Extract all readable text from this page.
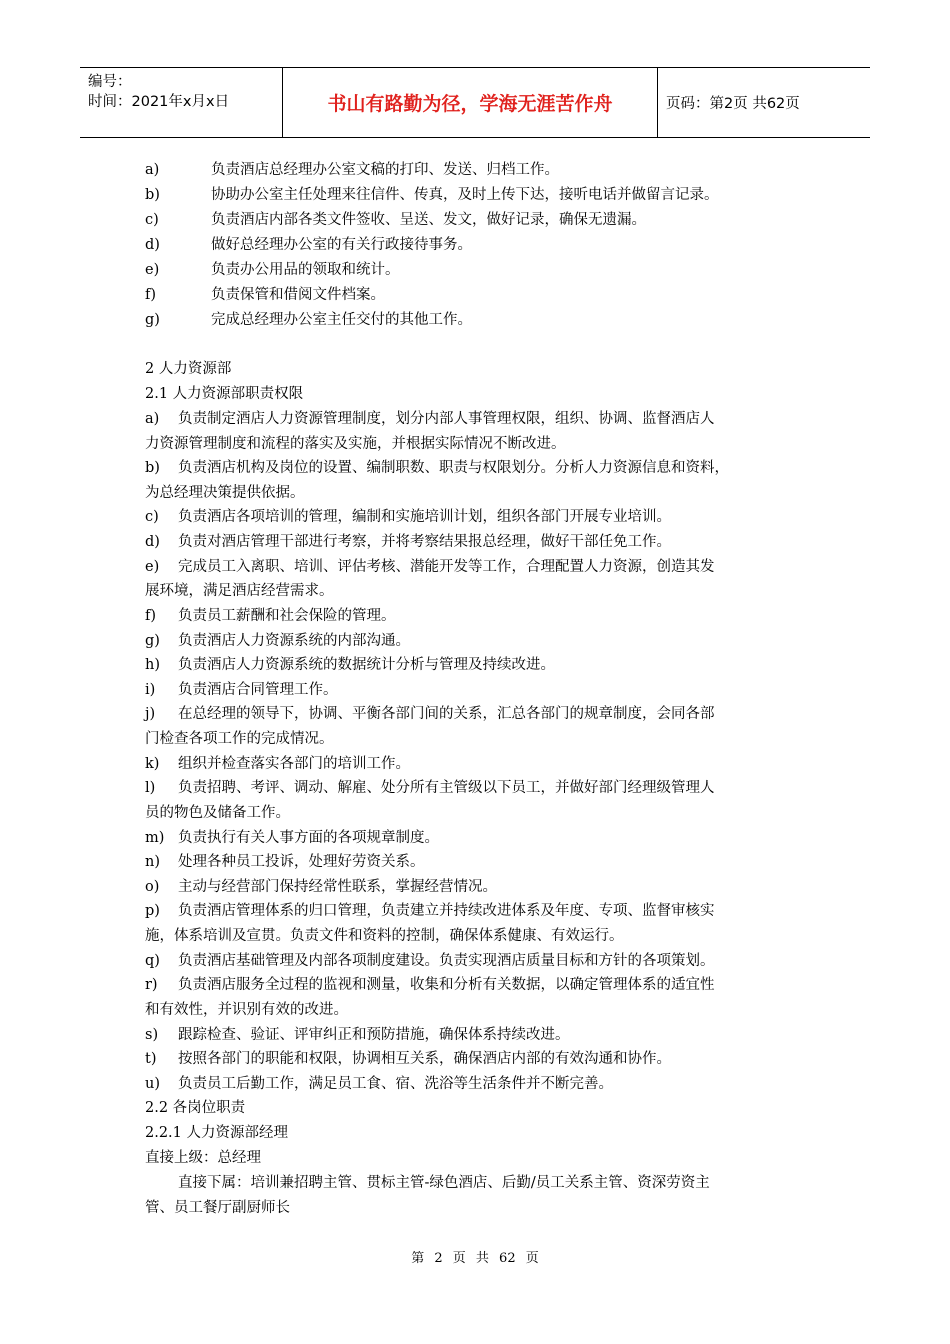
编号：
时间：2021年x月x日	书山有路勤为径，学海无涯苦作舟	页码：第2页 共62页
a)	负责酒店总经理办公室文稿的打印、发送、归档工作。
b)	协助办公室主任处理来往信件、传真，及时上传下达，接听电话并做留言记录。
c)	负责酒店内部各类文件签收、呈送、发文，做好记录，确保无遗漏。
d)	做好总经理办公室的有关行政接待事务。
e)	负责办公用品的领取和统计。
f)	负责保管和借阅文件档案。
g)	完成总经理办公室主任交付的其他工作。
2 人力资源部
2.1 人力资源部职责权限
a) 负责制定酒店人力资源管理制度，划分内部人事管理权限，组织、协调、监督酒店人
力资源管理制度和流程的落实及实施，并根据实际情况不断改进。
b) 负责酒店机构及岗位的设置、编制职数、职责与权限划分。分析人力资源信息和资料，
为总经理决策提供依据。
c) 负责酒店各项培训的管理，编制和实施培训计划，组织各部门开展专业培训。
d) 负责对酒店管理干部进行考察，并将考察结果报总经理，做好干部任免工作。
e) 完成员工入离职、培训、评估考核、潜能开发等工作，合理配置人力资源，创造其发
展环境，满足酒店经营需求。
f) 负责员工薪酬和社会保险的管理。
g) 负责酒店人力资源系统的内部沟通。
h) 负责酒店人力资源系统的数据统计分析与管理及持续改进。
i) 负责酒店合同管理工作。
j) 在总经理的领导下，协调、平衡各部门间的关系，汇总各部门的规章制度，会同各部
门检查各项工作的完成情况。
k) 组织并检查落实各部门的培训工作。
l) 负责招聘、考评、调动、解雇、处分所有主管级以下员工，并做好部门经理级管理人
员的物色及储备工作。
m) 负责执行有关人事方面的各项规章制度。
n) 处理各种员工投诉，处理好劳资关系。
o) 主动与经营部门保持经常性联系，掌握经营情况。
p) 负责酒店管理体系的归口管理，负责建立并持续改进体系及年度、专项、监督审核实
施，体系培训及宣贯。负责文件和资料的控制，确保体系健康、有效运行。
q) 负责酒店基础管理及内部各项制度建设。负责实现酒店质量目标和方针的各项策划。
r) 负责酒店服务全过程的监视和测量，收集和分析有关数据，以确定管理体系的适宜性
和有效性，并识别有效的改进。
s) 跟踪检查、验证、评审纠正和预防措施，确保体系持续改进。
t) 按照各部门的职能和权限，协调相互关系，确保酒店内部的有效沟通和协作。
u) 负责员工后勤工作，满足员工食、宿、洗浴等生活条件并不断完善。
2.2 各岗位职责
2.2.1 人力资源部经理
直接上级：总经理
直接下属：培训兼招聘主管、贯标主管-绿色酒店、后勤/员工关系主管、资深劳资主
管、员工餐厅副厨师长
第 2 页 共 62 页
